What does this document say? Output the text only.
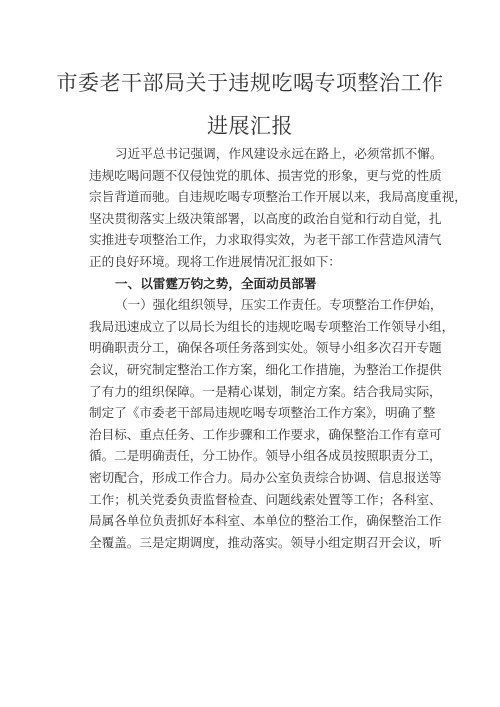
市委老干部局关于违规吃喝专项整治工作
进展汇报
习近平总书记强调，作风建设永远在路上，必须常抓不懈。
违规吃喝问题不仅侵蚀党的肌体、损害党的形象，更与党的性质
宗旨背道而驰。自违规吃喝专项整治工作开展以来，我局高度重视，
坚决贯彻落实上级决策部署，以高度的政治自觉和行动自觉，扎
实推进专项整治工作，力求取得实效，为老干部工作营造风清气
正的良好环境。现将工作进展情况汇报如下：
一、以雷霆万钧之势，全面动员部署
（一）强化组织领导，压实工作责任。专项整治工作伊始，
我局迅速成立了以局长为组长的违规吃喝专项整治工作领导小组，
明确职责分工，确保各项任务落到实处。领导小组多次召开专题
会议，研究制定整治工作方案，细化工作措施，为整治工作提供
了有力的组织保障。一是精心谋划，制定方案。结合我局实际，
制定了《市委老干部局违规吃喝专项整治工作方案》，明确了整
治目标、重点任务、工作步骤和工作要求，确保整治工作有章可
循。二是明确责任，分工协作。领导小组各成员按照职责分工，
密切配合，形成工作合力。局办公室负责综合协调、信息报送等
工作；机关党委负责监督检查、问题线索处置等工作；各科室、
局属各单位负责抓好本科室、本单位的整治工作，确保整治工作
全覆盖。三是定期调度，推动落实。领导小组定期召开会议，听
